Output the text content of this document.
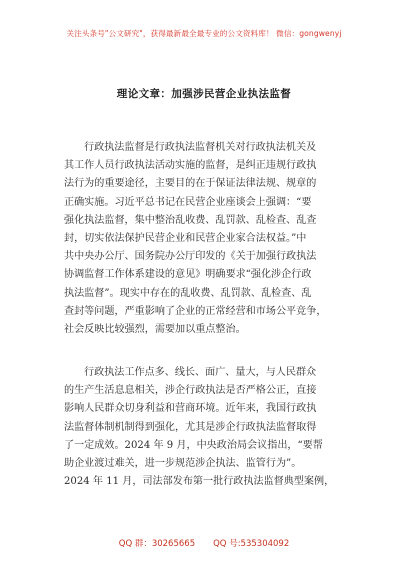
关注头条号"公文研究"，获得最新最全最专业的公文资料库！ 微信：gongwenyj
理论文章：加强涉民营企业执法监督
行政执法监督是行政执法监督机关对行政执法机关及
其工作人员行政执法活动实施的监督，是纠正违规行政执
法行为的重要途径，主要目的在于保证法律法规、规章的
正确实施。习近平总书记在民营企业座谈会上强调：“要
强化执法监督，集中整治乱收费、乱罚款、乱检查、乱查
封，切实依法保护民营企业和民营企业家合法权益。”中
共中央办公厅、国务院办公厅印发的《关于加强行政执法
协调监督工作体系建设的意见》明确要求“强化涉企行政
执法监督”。现实中存在的乱收费、乱罚款、乱检查、乱
查封等问题，严重影响了企业的正常经营和市场公平竞争，
社会反映比较强烈，需要加以重点整治。
行政执法工作点多、线长、面广、量大，与人民群众
的生产生活息息相关，涉企行政执法是否严格公正，直接
影响人民群众切身利益和营商环境。近年来，我国行政执
法监督体制机制得到强化，尤其是涉企行政执法监督取得
了一定成效。2024 年 9 月，中央政治局会议指出，“要帮
助企业渡过难关，进一步规范涉企执法、监管行为”。
2024 年 11 月，司法部发布第一批行政执法监督典型案例，
QQ 群：30265665 QQ 号:535304092
